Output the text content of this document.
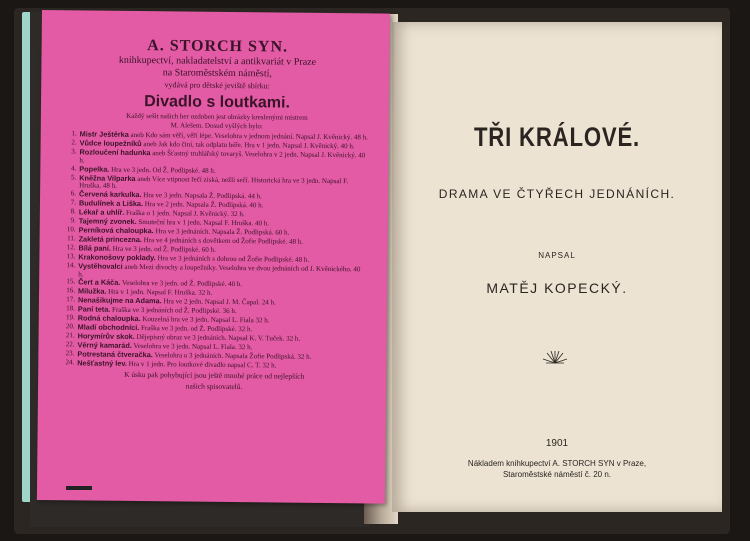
TŘI KRÁLOVÉ.
DRAMA VE ČTYŘECH JEDNÁNÍCH.
NAPSAL
MATĚJ KOPECKÝ.
1901
Nákladem knihkupectví A. STORCH SYN v Praze,
Staroměstské náměstí č. 20 n.
A. STORCH SYN.
knihkupectví, nakladatelství a antikvariát v Praze
na Staroměstském náměstí,
vydává pro dětské jeviště sbírku:
Divadlo s loutkami.
Každý sešit našich her ozdoben jest obrázky kreslenými mistrem
M. Alešem. Dosud vyšlých bylo:
1. Mistr Ještěrka aneb Kdo sám věří, věří lépe. Veselohra v jednom jednání. Napsal J. Kvěnický. 48 h.
2. Vůdce loupežníků aneb Jak kdo činí, tak odplatu béře. Hra v 1 jedn. Napsal J. Kvěnický. 40 h.
3. Rozloučení hadunka aneb Šťastný truhlářský tovaryš. Veselohra v 2 jedn. Napsal J. Kvěnický. 40 h.
4. Popelka. Hra ve 3 jedn. Od Ž. Podlipské. 48 h.
5. Kněžna Vilparka aneb Více vtipnost řečí získá, nežli sečí. Historická hra ve 3 jedn. Napsal F. Hruška. 48 h.
6. Červená karkulka. Hra ve 3 jedn. Napsala Ž. Podlipská. 44 h.
7. Budulínek a Liška. Hra ve 2 jedn. Napsala Ž. Podlipská. 40 h.
8. Lékař a uhlíř. Fraška o 1 jedn. Napsal J. Kvěnický. 32 h.
9. Tajemný zvonek. Smuteční hra v 1 jedn. Napsal F. Hruška. 40 h.
10. Perníková chaloupka. Hra ve 3 jednáních. Napsala Ž. Podlipská. 60 h.
11. Zakletá princezna. Hra ve 4 jednáních s dovětkem od Žofie Podlipské. 48 h.
12. Bílá paní. Hra ve 3 jedn. od Ž. Podlipské. 60 h.
13. Krakonošovy poklady. Hra ve 3 jednáních s dohrou od Žofie Podlipské. 48 h.
14. Vystěhovalci aneb Mezi divochy a loupežníky. Veselohra ve dvou jednáních od J. Kvěnického. 40 h.
15. Čert a Káča. Veselohra ve 3 jedn. od Ž. Podlipské. 40 h.
16. Milužka. Hra v 1 jedn. Napsal F. Hruška. 32 h.
17. Nenašikujme na Adama. Hra ve 2 jedn. Napsal J. M. Čapal. 24 h.
18. Paní teta. Fraška ve 3 jednáních od Ž. Podlipské. 36 h.
19. Rodná chaloupka. Kouzelná hra ve 3 jedn. Napsal L. Fiala 32 h.
20. Mladí obchodníci. Fraška ve 3 jedn. od Ž. Podlipské. 32 h.
21. Horymírův skok. Dějepisný obraz ve 3 jednáních. Napsal K. V. Tuček. 32 h.
22. Věrný kamarád. Veselohra ve 3 jedn. Napsal L. Fiala. 32 h.
23. Potrestaná čtveračka. Veselohra o 3 jednáních. Napsala Žofie Podlipská. 32 h.
24. Nešťastný lev. Hra v 1 jedn. Pro loutkové divadlo napsal C. T. 32 h.
K úsku pak pohybující jsou ještě mnohé práce od nejlepších
našich spisovatelů.
